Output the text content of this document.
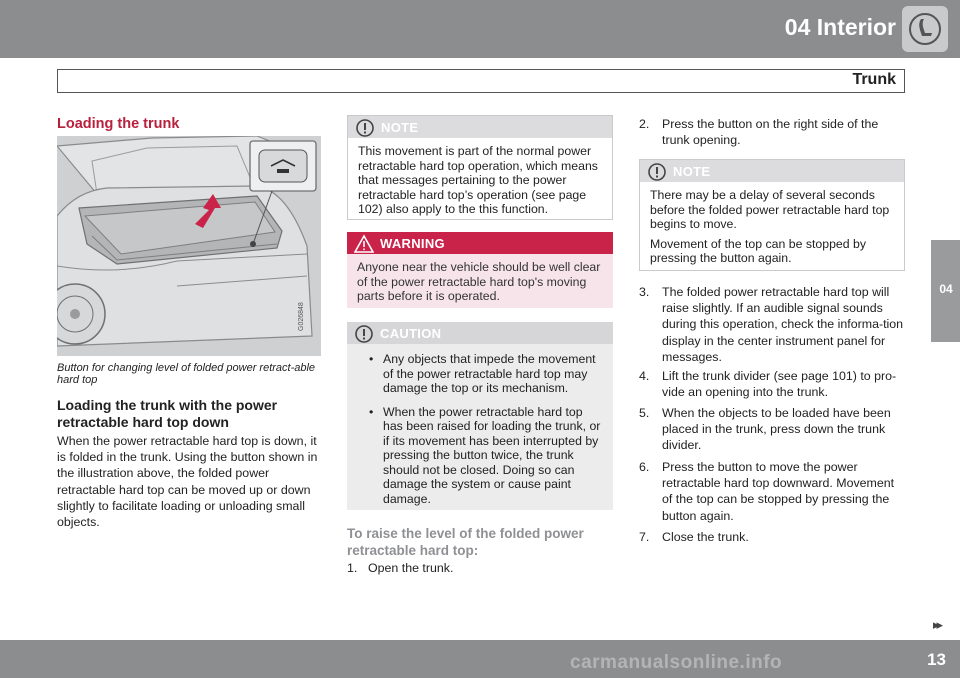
04 Interior
Trunk
04
Loading the trunk
G026848
Button for changing level of folded power retract-able hard top
Loading the trunk with the power retractable hard top down

When the power retractable hard top is down, it is folded in the trunk. Using the button shown in the illustration above, the folded power retractable hard top can be moved up or down slightly to facilitate loading or unloading small objects.

NOTE
This movement is part of the normal power retractable hard top operation, which means that messages pertaining to the power retractable hard top’s operation (see page 102) also apply to the this function.
WARNING
Anyone near the vehicle should be well clear of the power retractable hard top's moving parts before it is operated.
CAUTION
• Any objects that impede the movement of the power retractable hard top may damage the top or its mechanism.
• When the power retractable hard top has been raised for loading the trunk, or if its movement has been interrupted by pressing the button twice, the trunk should not be closed. Doing so can damage the system or cause paint damage.
To raise the level of the folded power retractable hard top:
1. Open the trunk.
2.	Press the button on the right side of the trunk opening.
NOTE
There may be a delay of several seconds before the folded power retractable hard top begins to move.
Movement of the top can be stopped by pressing the button again.
3.	The folded power retractable hard top will raise slightly. If an audible signal sounds during this operation, check the informa-tion display in the center instrument panel for messages.
4.	Lift the trunk divider (see page 101) to pro-vide an opening into the trunk.
5.	When the objects to be loaded have been placed in the trunk, press down the trunk divider.
6.	Press the button to move the power retractable hard top downward. Movement of the top can be stopped by pressing the button again.
7.	Close the trunk.
▸▸
carmanualsonline.info	13
